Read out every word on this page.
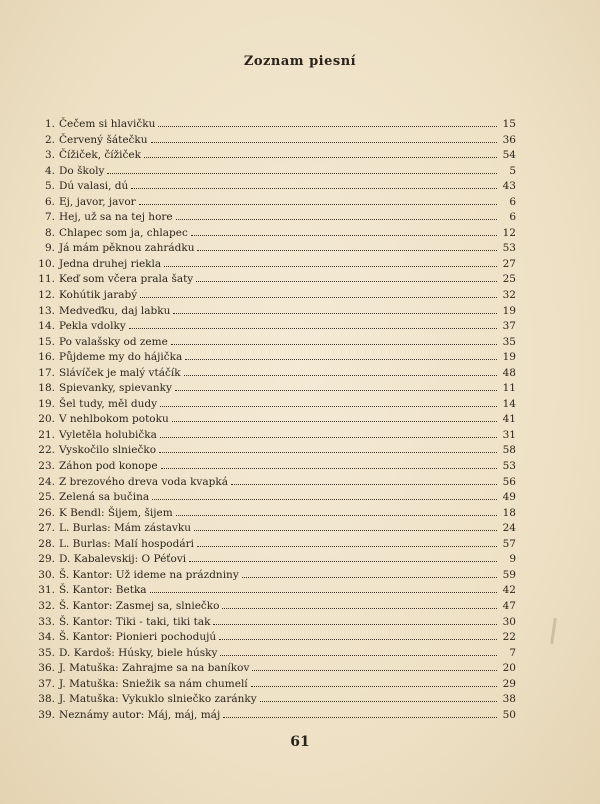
Zoznam piesní
1. Čečem si hlavičku	15
2. Červený šátečku	36
3. Čížiček, čížiček	54
4. Do školy	5
5. Dú valasi, dú	43
6. Ej, javor, javor	6
7. Hej, už sa na tej hore	6
8. Chlapec som ja, chlapec	12
9. Já mám pěknou zahrádku	53
10. Jedna druhej riekla	27
11. Keď som včera prala šaty	25
12. Kohútik jarabý	32
13. Medveďku, daj labku	19
14. Pekla vdolky	37
15. Po valašsky od zeme	35
16. Půjdeme my do hájička	19
17. Slávíček je malý vtáčík	48
18. Spievanky, spievanky	11
19. Šel tudy, měl dudy	14
20. V nehlbokom potoku	41
21. Vyletěla holubička	31
22. Vyskočilo slniečko	58
23. Záhon pod konope	53
24. Z brezového dreva voda kvapká	56
25. Zelená sa bučina	49
26. K Bendl: Šijem, šijem	18
27. L. Burlas: Mám zástavku	24
28. L. Burlas: Malí hospodári	57
29. D. Kabalevskij: O Péťovi	9
30. Š. Kantor: Už ideme na prázdniny	59
31. Š. Kantor: Betka	42
32. Š. Kantor: Zasmej sa, slniečko	47
33. Š. Kantor: Tiki - taki, tiki tak	30
34. Š. Kantor: Pionieri pochodujú	22
35. D. Kardoš: Húsky, biele húsky	7
36. J. Matuška: Zahrajme sa na baníkov	20
37. J. Matuška: Sniežik sa nám chumelí	29
38. J. Matuška: Vykuklo slniečko zaránky	38
39. Neznámy autor: Máj, máj, máj	50
61
